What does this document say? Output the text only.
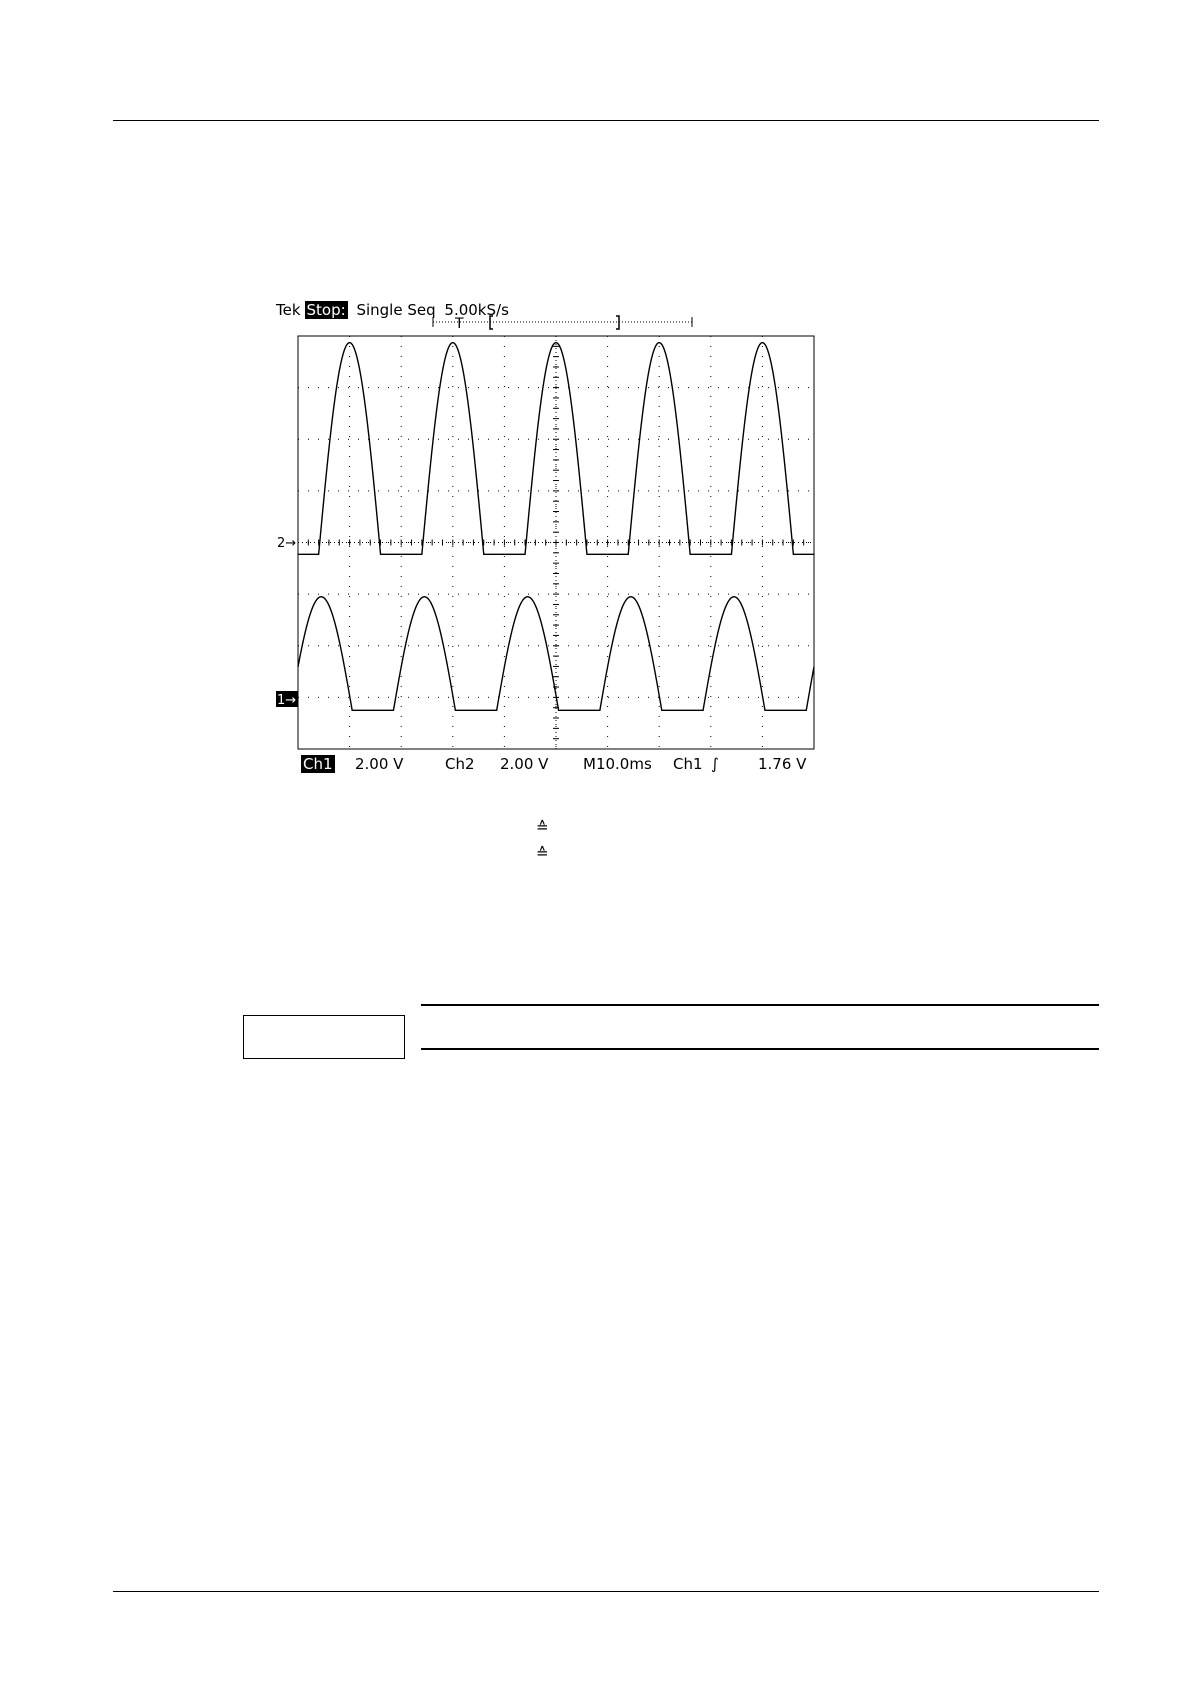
Tek Stop: Single Seq 5.00kS/s
T
2→
1→
Ch1 2.00 V	Ch2 2.00 V M10.0ms Ch1 ∫	1.76 V
≙
≙
